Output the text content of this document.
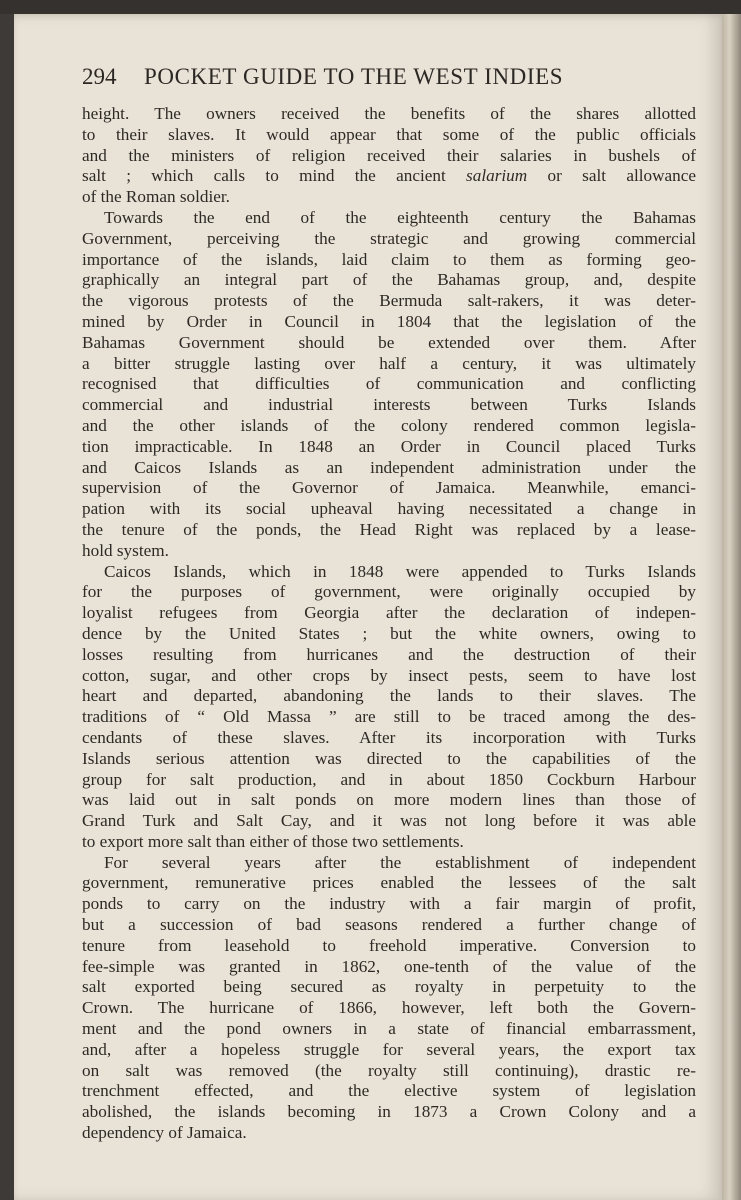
294 POCKET GUIDE TO THE WEST INDIES
height. The owners received the benefits of the shares allotted
to their slaves. It would appear that some of the public officials
and the ministers of religion received their salaries in bushels of
salt ; which calls to mind the ancient salarium or salt allowance
of the Roman soldier.
Towards the end of the eighteenth century the Bahamas
Government, perceiving the strategic and growing commercial
importance of the islands, laid claim to them as forming geo-
graphically an integral part of the Bahamas group, and, despite
the vigorous protests of the Bermuda salt-rakers, it was deter-
mined by Order in Council in 1804 that the legislation of the
Bahamas Government should be extended over them. After
a bitter struggle lasting over half a century, it was ultimately
recognised that difficulties of communication and conflicting
commercial and industrial interests between Turks Islands
and the other islands of the colony rendered common legisla-
tion impracticable. In 1848 an Order in Council placed Turks
and Caicos Islands as an independent administration under the
supervision of the Governor of Jamaica. Meanwhile, emanci-
pation with its social upheaval having necessitated a change in
the tenure of the ponds, the Head Right was replaced by a lease-
hold system.
Caicos Islands, which in 1848 were appended to Turks Islands
for the purposes of government, were originally occupied by
loyalist refugees from Georgia after the declaration of indepen-
dence by the United States ; but the white owners, owing to
losses resulting from hurricanes and the destruction of their
cotton, sugar, and other crops by insect pests, seem to have lost
heart and departed, abandoning the lands to their slaves. The
traditions of “ Old Massa ” are still to be traced among the des-
cendants of these slaves. After its incorporation with Turks
Islands serious attention was directed to the capabilities of the
group for salt production, and in about 1850 Cockburn Harbour
was laid out in salt ponds on more modern lines than those of
Grand Turk and Salt Cay, and it was not long before it was able
to export more salt than either of those two settlements.
For several years after the establishment of independent
government, remunerative prices enabled the lessees of the salt
ponds to carry on the industry with a fair margin of profit,
but a succession of bad seasons rendered a further change of
tenure from leasehold to freehold imperative. Conversion to
fee-simple was granted in 1862, one-tenth of the value of the
salt exported being secured as royalty in perpetuity to the
Crown. The hurricane of 1866, however, left both the Govern-
ment and the pond owners in a state of financial embarrassment,
and, after a hopeless struggle for several years, the export tax
on salt was removed (the royalty still continuing), drastic re-
trenchment effected, and the elective system of legislation
abolished, the islands becoming in 1873 a Crown Colony and a
dependency of Jamaica.
